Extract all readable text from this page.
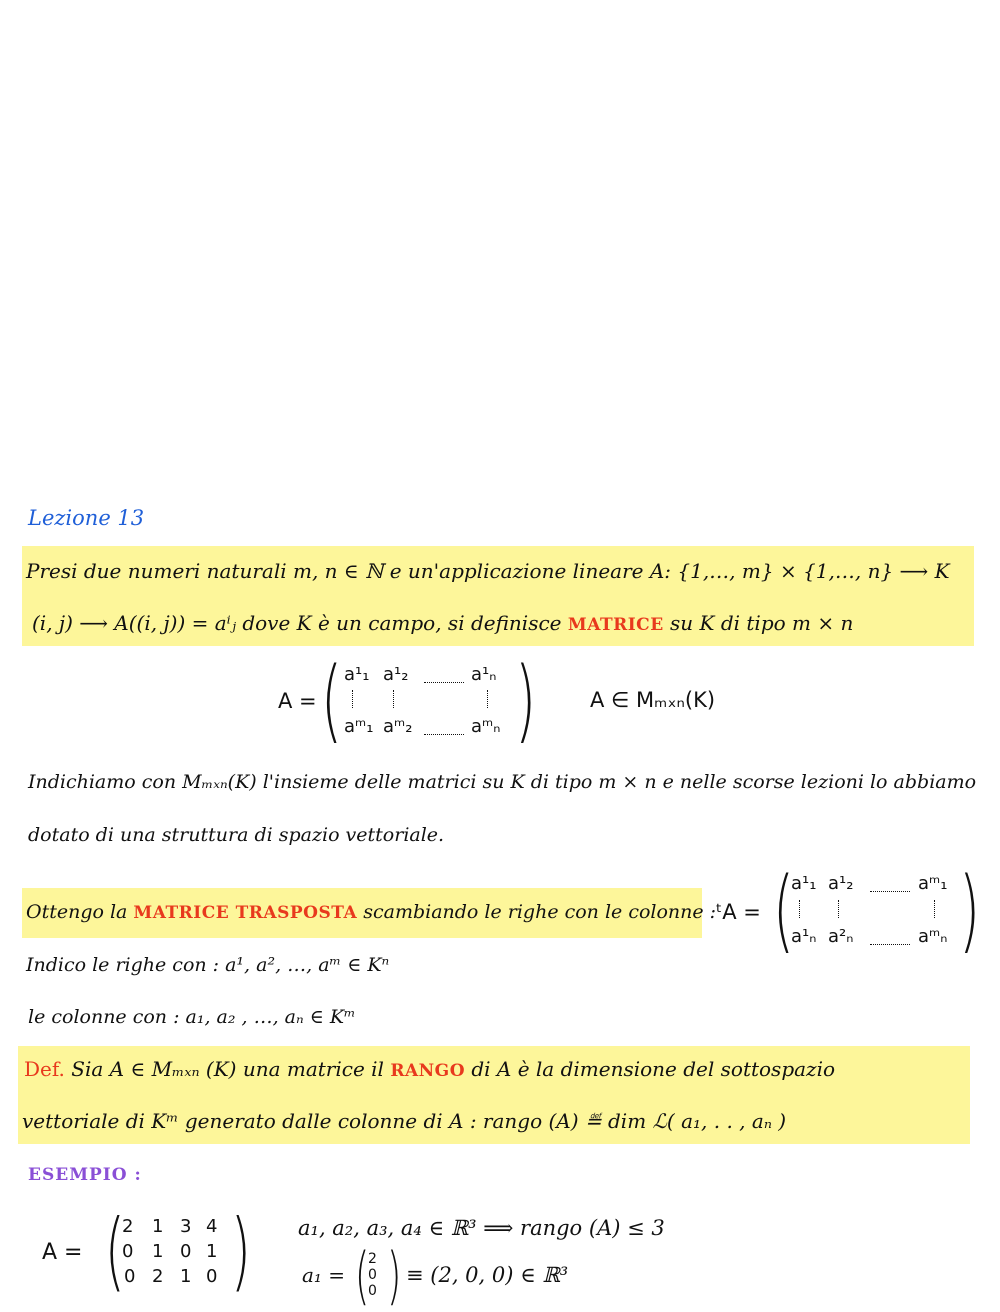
Lezione 13
Presi due numeri naturali m, n ∈ ℕ e un'applicazione lineare A: {1,…, m} × {1,…, n} ⟶ K
(i, j) ⟶ A((i, j)) = aⁱⱼ dove K è un campo, si definisce MATRICE su K di tipo m × n
A = ( )
a¹₁ a¹₂	a¹ₙ
aᵐ₁ aᵐ₂	aᵐₙ
A ∈ Mₘₓₙ(K)
Indichiamo con Mₘₓₙ(K) l'insieme delle matrici su K di tipo m × n e nelle scorse lezioni lo abbiamo
dotato di una struttura di spazio vettoriale.
Ottengo la MATRICE TRASPOSTA scambiando le righe con le colonne : ᵗA = ( )
a¹₁ a¹₂	aᵐ₁
a¹ₙ a²ₙ	aᵐₙ
Indico le righe con : a¹, a², …, aᵐ ∈ Kⁿ
le colonne con : a₁, a₂ , …, aₙ ∈ Kᵐ
Def. Sia A ∈ Mₘₓₙ (K) una matrice il RANGO di A è la dimensione del sottospazio
vettoriale di Kᵐ generato dalle colonne di A : rango (A) ≝ dim ℒ( a₁, . . , aₙ )
ESEMPIO :
A = ( )
2 1 3 4
0 1 0 1
0 2 1 0
a₁, a₂, a₃, a₄ ∈ ℝ³ ⟹ rango (A) ≤ 3
a₁ = ( )
2
0
0
≡ (2, 0, 0) ∈ ℝ³
